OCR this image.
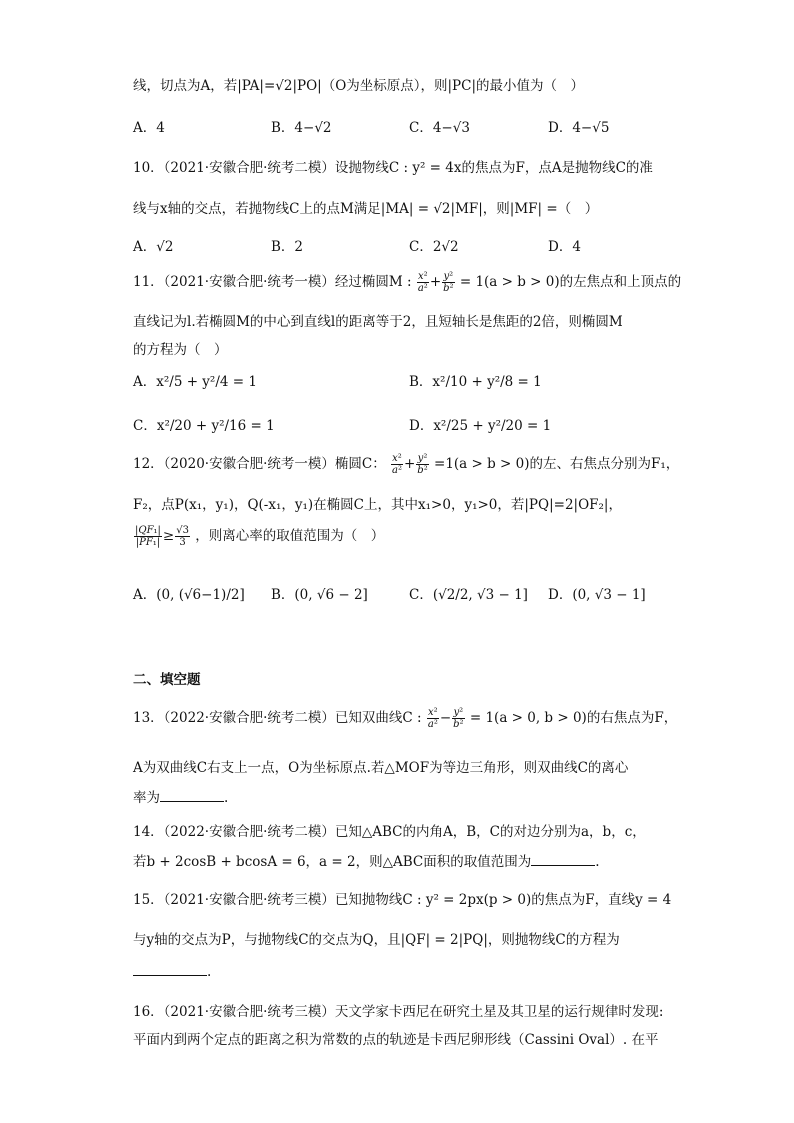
线，切点为A，若|PA|=√2|PO|（O为坐标原点），则|PC|的最小值为（　）
A．4	B．4−√2	C．4−√3	D．4−√5
10．（2021·安徽合肥·统考二模）设抛物线C : y² = 4x的焦点为F，点A是抛物线C的准
线与x轴的交点，若抛物线C上的点M满足|MA| = √2|MF|，则|MF| =（　）
A．√2	B．2	C．2√2	D．4
11．（2021·安徽合肥·统考一模）经过椭圆M : $\frac{\text{x²}}{\text{a²}} + \frac{\text{y²}}{\text{b²}} = 1(a > b > 0)$的左焦点和上顶点的
直线记为l.若椭圆M的中心到直线l的距离等于2，且短轴长是焦距的2倍，则椭圆M
的方程为（　）
A．x²/5 + y²/4 = 1	B．x²/10 + y²/8 = 1
C．x²/20 + y²/16 = 1	D．x²/25 + y²/20 = 1
12．（2020·安徽合肥·统考一模）椭圆C： $\frac{\text{x²}}{\text{a²}} + \frac{\text{y²}}{\text{b²}} =1(a > b > 0)$的左、右焦点分别为F₁，
F₂，点P(x₁，y₁)，Q(-x₁，y₁)在椭圆C上，其中x₁>0，y₁>0，若|PQ|=2|OF₂|，
$\frac{\text{|QF₁|}}{\text{|PF₁|}} \ge \frac{√3}{3}$ ，则离心率的取值范围为（　）
A．(0, (√6−1)/2] B．(0, √6 − 2]	C．(√2/2, √3 − 1] D．(0, √3 − 1]
二、填空题
13．（2022·安徽合肥·统考二模）已知双曲线C : $\frac{\text{x²}}{\text{a²}} - \frac{\text{y²}}{\text{b²}} = 1(a > 0$, b > 0)的右焦点为F，
A为双曲线C右支上一点，O为坐标原点.若△MOF为等边三角形，则双曲线C的离心
率为	.
14．（2022·安徽合肥·统考二模）已知△ABC的内角A，B，C的对边分别为a，b，c，
若b + 2cosB + bcosA = 6，a = 2，则△ABC面积的取值范围为	.
15．（2021·安徽合肥·统考三模）已知抛物线C : y² = 2px(p > 0)的焦点为F，直线y = 4
与y轴的交点为P，与抛物线C的交点为Q，且|QF| = 2|PQ|，则抛物线C的方程为
.
16．（2021·安徽合肥·统考三模）天文学家卡西尼在研究土星及其卫星的运行规律时发现:
平面内到两个定点的距离之积为常数的点的轨迹是卡西尼卵形线（Cassini Oval）. 在平
